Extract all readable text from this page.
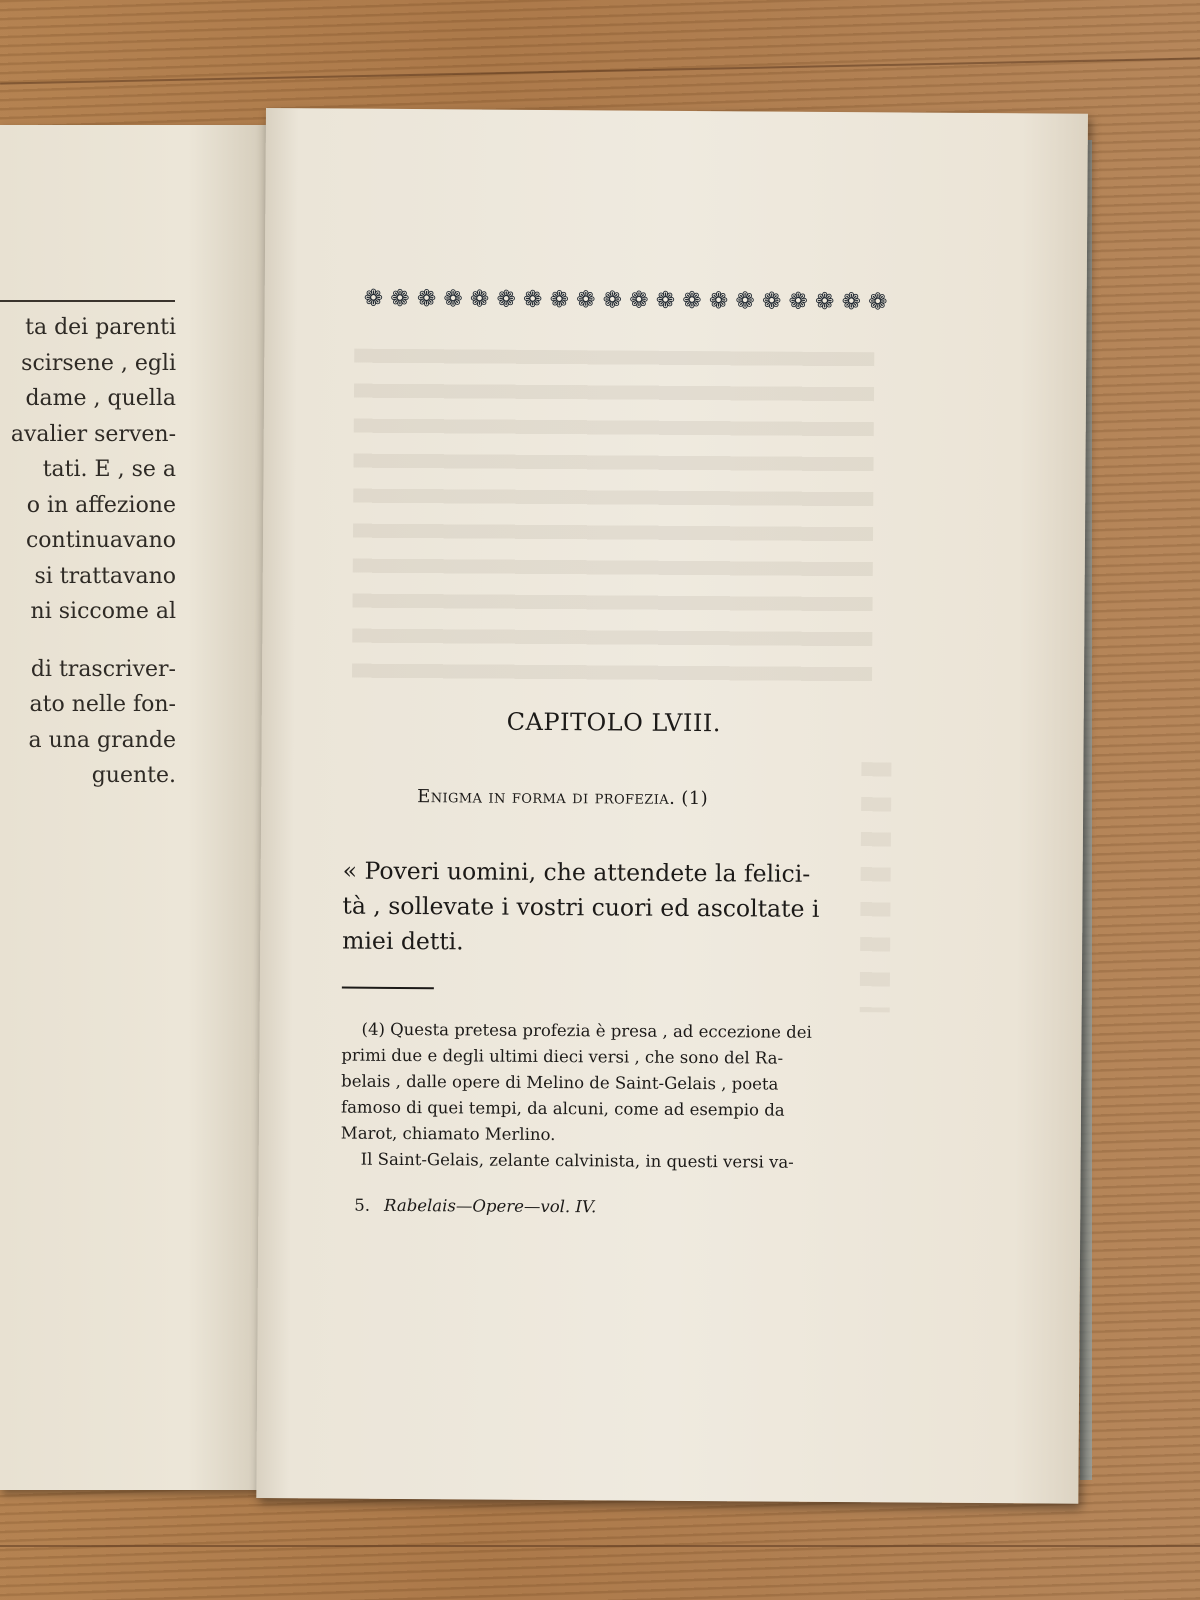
ta dei parenti
scirsene , egli
dame , quella
avalier serven-
tati. E , se a
o in affezione
continuavano
si trattavano
ni siccome al
di trascriver-
ato nelle fon-
a una grande
guente.
❁ ❁ ❁ ❁ ❁ ❁ ❁ ❁ ❁ ❁ ❁ ❁ ❁ ❁ ❁ ❁ ❁ ❁ ❁ ❁
CAPITOLO LVIII.
Enigma in forma di profezia. (1)
« Poveri uomini, che attendete la felici-
tà , sollevate i vostri cuori ed ascoltate i
miei detti.
(4) Questa pretesa profezia è presa , ad eccezione dei
primi due e degli ultimi dieci versi , che sono del Ra-
belais , dalle opere di Melino de Saint-Gelais , poeta
famoso di quei tempi, da alcuni, come ad esempio da
Marot, chiamato Merlino.
Il Saint-Gelais, zelante calvinista, in questi versi va-
5. Rabelais—Opere—vol. IV.
